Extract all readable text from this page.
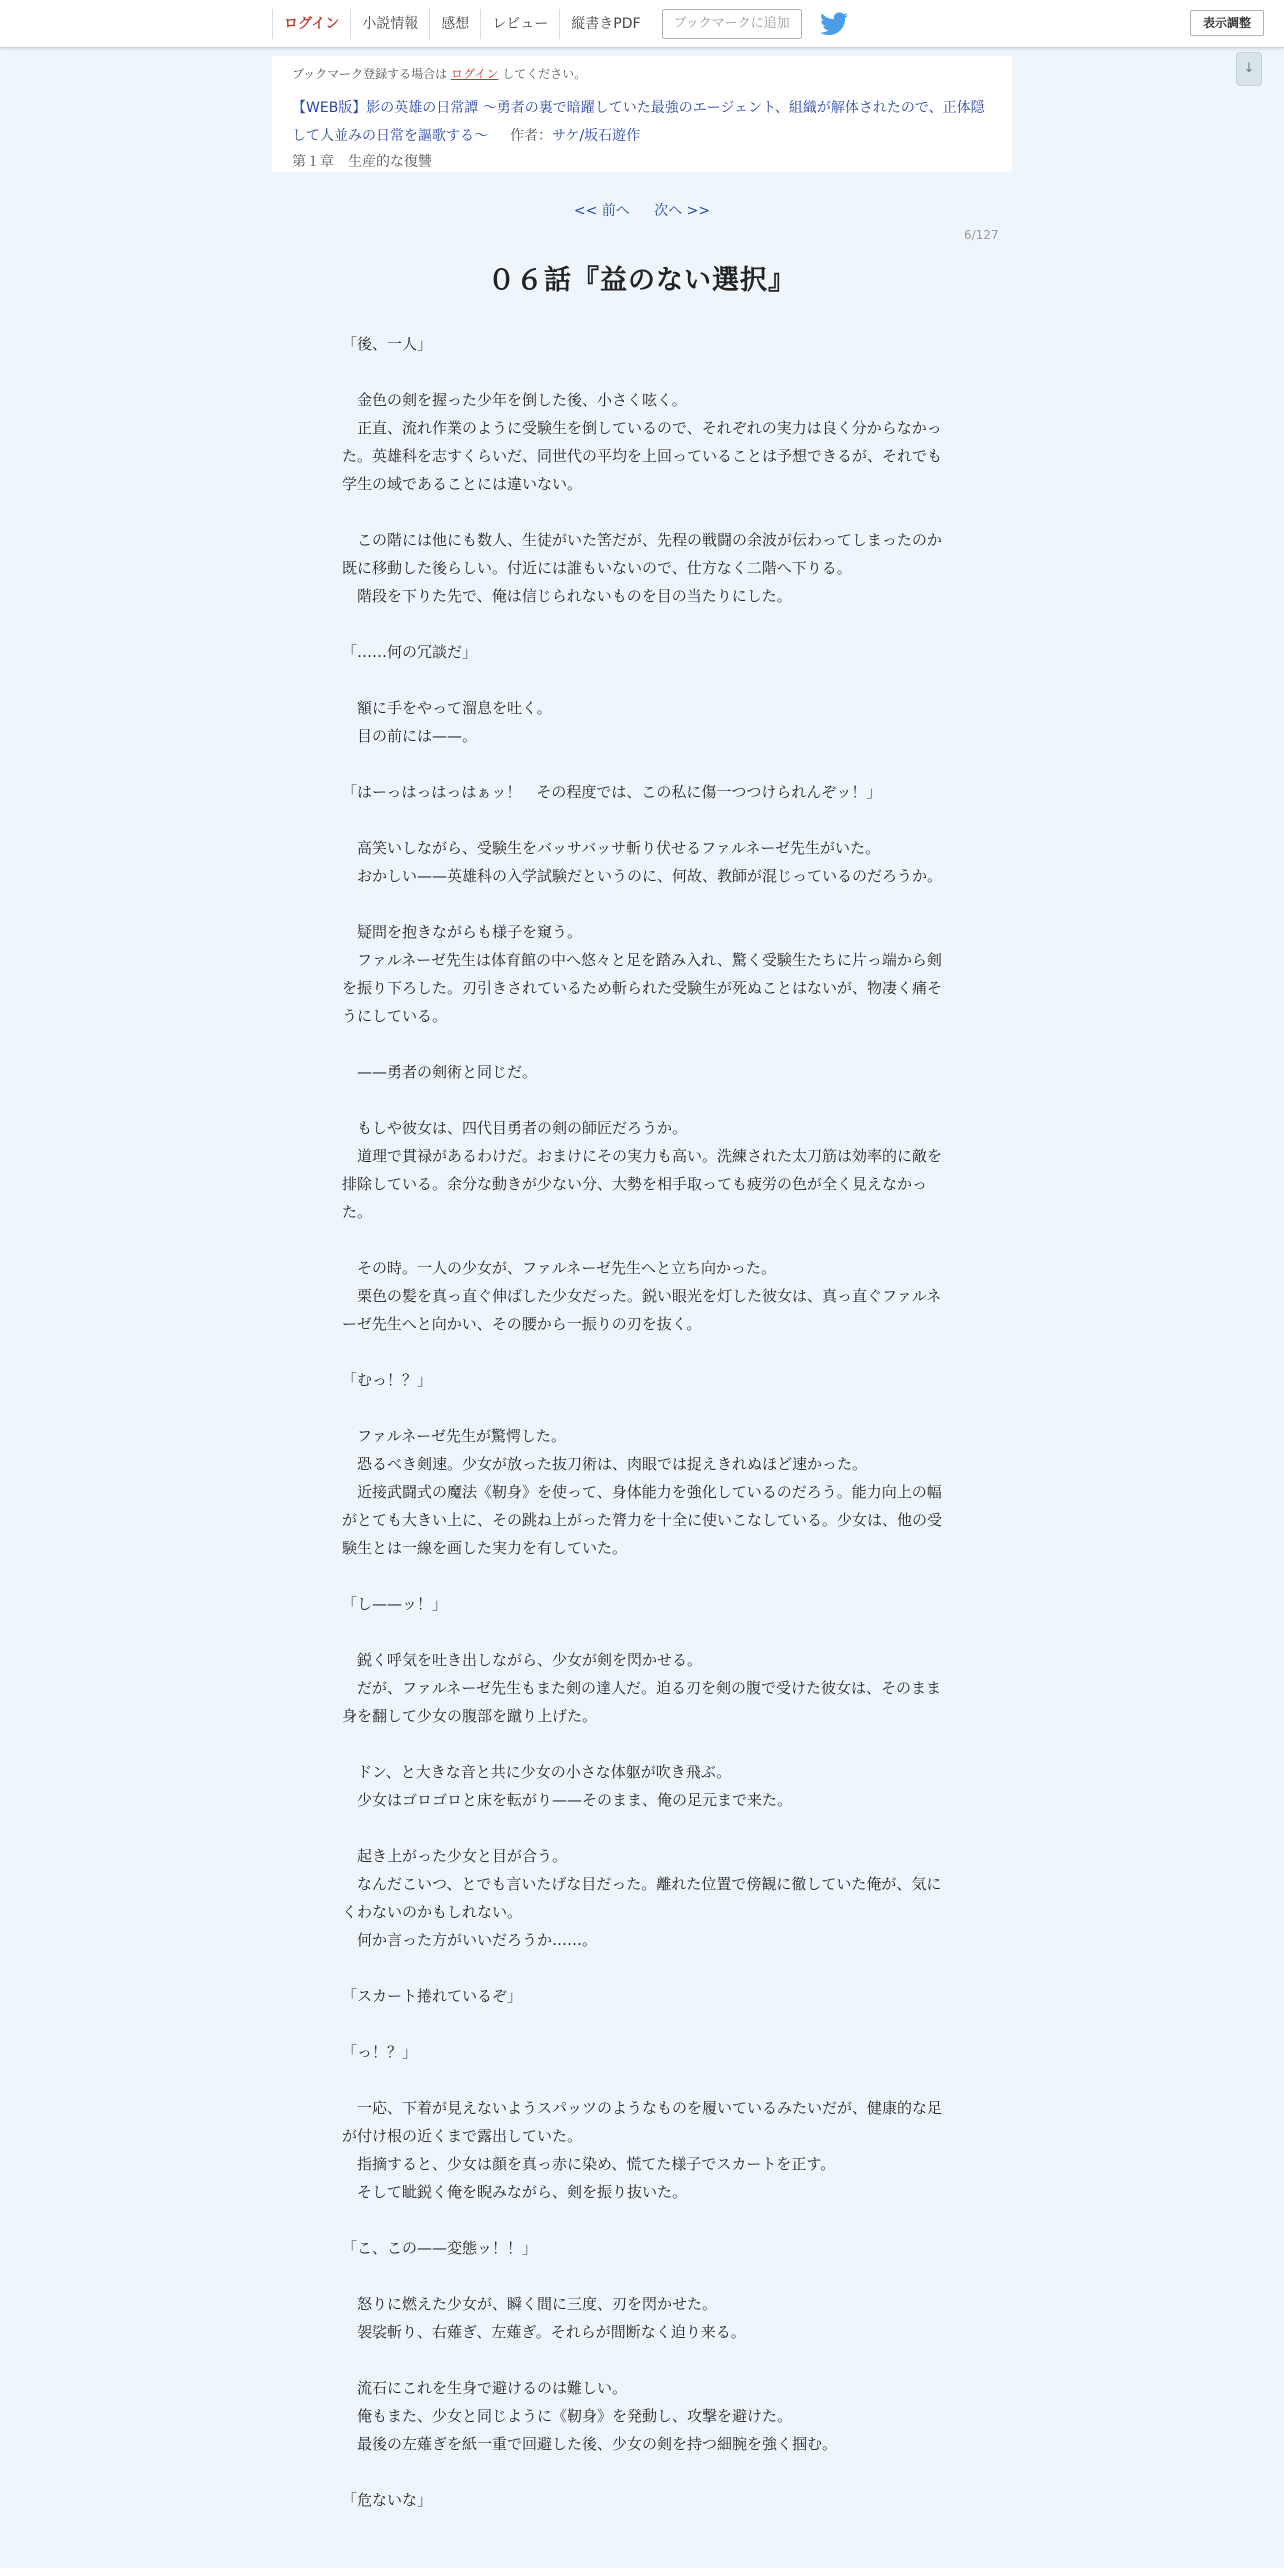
ログイン	小説情報	感想	レビュー	縦書きPDF	ブックマークに追加	表示調整
↓
ブックマーク登録する場合は ログイン してください。
【WEB版】影の英雄の日常譚 ～勇者の裏で暗躍していた最強のエージェント、組織が解体されたので、正体隠して人並みの日常を謳歌する～ 作者：サケ/坂石遊作
第１章　生産的な復讐
<< 前へ 次へ >>
6/127
０６話『益のない選択』

「後、一人」

　金色の剣を握った少年を倒した後、小さく呟く。

　正直、流れ作業のように受験生を倒しているので、それぞれの実力は良く分からなかった。英雄科を志すくらいだ、同世代の平均を上回っていることは予想できるが、それでも学生の域であることには違いない。

　この階には他にも数人、生徒がいた筈だが、先程の戦闘の余波が伝わってしまったのか既に移動した後らしい。付近には誰もいないので、仕方なく二階へ下りる。

　階段を下りた先で、俺は信じられないものを目の当たりにした。

「……何の冗談だ」

　額に手をやって溜息を吐く。

　目の前には——。

「はーっはっはっはぁッ！　その程度では、この私に傷一つつけられんぞッ！」

　高笑いしながら、受験生をバッサバッサ斬り伏せるファルネーゼ先生がいた。

　おかしい——英雄科の入学試験だというのに、何故、教師が混じっているのだろうか。

　疑問を抱きながらも様子を窺う。

　ファルネーゼ先生は体育館の中へ悠々と足を踏み入れ、驚く受験生たちに片っ端から剣を振り下ろした。刃引きされているため斬られた受験生が死ぬことはないが、物凄く痛そうにしている。

　——勇者の剣術と同じだ。

　もしや彼女は、四代目勇者の剣の師匠だろうか。

　道理で貫禄があるわけだ。おまけにその実力も高い。洗練された太刀筋は効率的に敵を排除している。余分な動きが少ない分、大勢を相手取っても疲労の色が全く見えなかった。

　その時。一人の少女が、ファルネーゼ先生へと立ち向かった。

　栗色の髪を真っ直ぐ伸ばした少女だった。鋭い眼光を灯した彼女は、真っ直ぐファルネーゼ先生へと向かい、その腰から一振りの刃を抜く。

「むっ！？」

　ファルネーゼ先生が驚愕した。

　恐るべき剣速。少女が放った抜刀術は、肉眼では捉えきれぬほど速かった。

　近接武闘式の魔法《靭身》を使って、身体能力を強化しているのだろう。能力向上の幅がとても大きい上に、その跳ね上がった膂力を十全に使いこなしている。少女は、他の受験生とは一線を画した実力を有していた。

「し——ッ！」

　鋭く呼気を吐き出しながら、少女が剣を閃かせる。

　だが、ファルネーゼ先生もまた剣の達人だ。迫る刃を剣の腹で受けた彼女は、そのまま身を翻して少女の腹部を蹴り上げた。

　ドン、と大きな音と共に少女の小さな体躯が吹き飛ぶ。

　少女はゴロゴロと床を転がり——そのまま、俺の足元まで来た。

　起き上がった少女と目が合う。

　なんだこいつ、とでも言いたげな目だった。離れた位置で傍観に徹していた俺が、気にくわないのかもしれない。

　何か言った方がいいだろうか……。

「スカート捲れているぞ」

「っ！？」

　一応、下着が見えないようスパッツのようなものを履いているみたいだが、健康的な足が付け根の近くまで露出していた。

　指摘すると、少女は顔を真っ赤に染め、慌てた様子でスカートを正す。

　そして眦鋭く俺を睨みながら、剣を振り抜いた。

「こ、この——変態ッ！！」

　怒りに燃えた少女が、瞬く間に三度、刃を閃かせた。

　袈裟斬り、右薙ぎ、左薙ぎ。それらが間断なく迫り来る。

　流石にこれを生身で避けるのは難しい。

　俺もまた、少女と同じように《靭身》を発動し、攻撃を避けた。

　最後の左薙ぎを紙一重で回避した後、少女の剣を持つ細腕を強く掴む。

「危ないな」
